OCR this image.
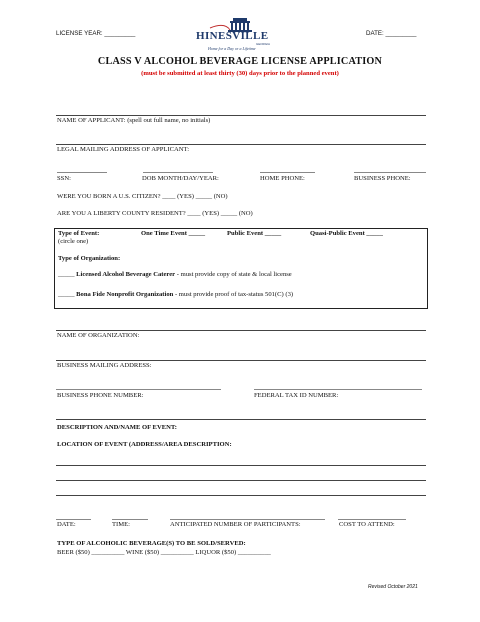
LICENSE YEAR: _________	DATE: _________
HINESVILLE
GEORGIA
Home for a Day or a Lifetime
CLASS V ALCOHOL BEVERAGE LICENSE APPLICATION
(must be submitted at least thirty (30) days prior to the planned event)
NAME OF APPLICANT: (spell out full name, no initials)
LEGAL MAILING ADDRESS OF APPLICANT:
SSN:	DOB MONTH/DAY/YEAR:	HOME PHONE:	BUSINESS PHONE:
WERE YOU BORN A U.S. CITIZEN? ____ (YES) _____ (NO)
ARE YOU A LIBERTY COUNTY RESIDENT? ____ (YES) _____ (NO)
Type of Event:
(circle one)
One Time Event _____	Public Event _____	Quasi-Public Event _____
Type of Organization:
_____ Licensed Alcohol Beverage Caterer - must provide copy of state & local license
_____ Bona Fide Nonprofit Organization - must provide proof of tax-status 501(C) (3)
NAME OF ORGANIZATION:
BUSINESS MAILING ADDRESS:
BUSINESS PHONE NUMBER:	FEDERAL TAX ID NUMBER:
DESCRIPTION AND/NAME OF EVENT:
LOCATION OF EVENT (ADDRESS/AREA DESCRIPTION:
DATE:	TIME:	ANTICIPATED NUMBER OF PARTICIPANTS:	COST TO ATTEND:
TYPE OF ALCOHOLIC BEVERAGE(S) TO BE SOLD/SERVED:
BEER ($50) __________ WINE ($50) __________ LIQUOR ($50) __________
Revised October 2021
